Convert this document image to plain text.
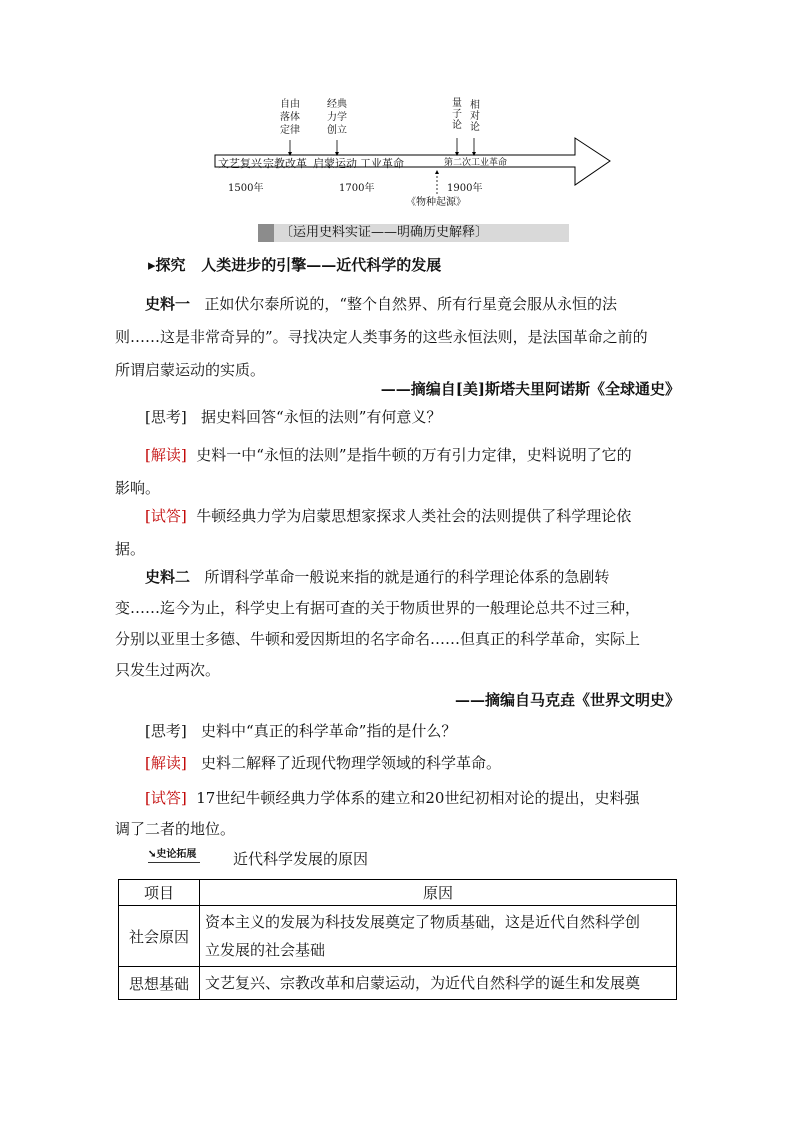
文艺复兴 宗教改革 启蒙运动 工业革命	第二次工业革命
1500年	1700年	1900年
自由
落体
定律
经典
力学
创立
量
子
论
相
对
论
《物种起源》
〔运用史料实证——明确历史解释〕
▸探究 人类进步的引擎——近代科学的发展
史料一 正如伏尔泰所说的，“整个自然界、所有行星竟会服从永恒的法
则……这是非常奇异的”。寻找决定人类事务的这些永恒法则，是法国革命之前的
所谓启蒙运动的实质。
——摘编自[美]斯塔夫里阿诺斯《全球通史》
[思考] 据史料回答“永恒的法则”有何意义？
[解读] 史料一中“永恒的法则”是指牛顿的万有引力定律，史料说明了它的
影响。
[试答] 牛顿经典力学为启蒙思想家探求人类社会的法则提供了科学理论依
据。
史料二 所谓科学革命一般说来指的就是通行的科学理论体系的急剧转
变……迄今为止，科学史上有据可查的关于物质世界的一般理论总共不过三种，
分别以亚里士多德、牛顿和爱因斯坦的名字命名……但真正的科学革命，实际上
只发生过两次。
——摘编自马克垚《世界文明史》
[思考] 史料中“真正的科学革命”指的是什么？
[解读] 史料二解释了近现代物理学领域的科学革命。
[试答] 17世纪牛顿经典力学体系的建立和20世纪初相对论的提出，史料强
调了二者的地位。
➘史论拓展 近代科学发展的原因
项目	原因
社会原因	资本主义的发展为科技发展奠定了物质基础，这是近代自然科学创
立发展的社会基础

思想基础	文艺复兴、宗教改革和启蒙运动，为近代自然科学的诞生和发展奠
